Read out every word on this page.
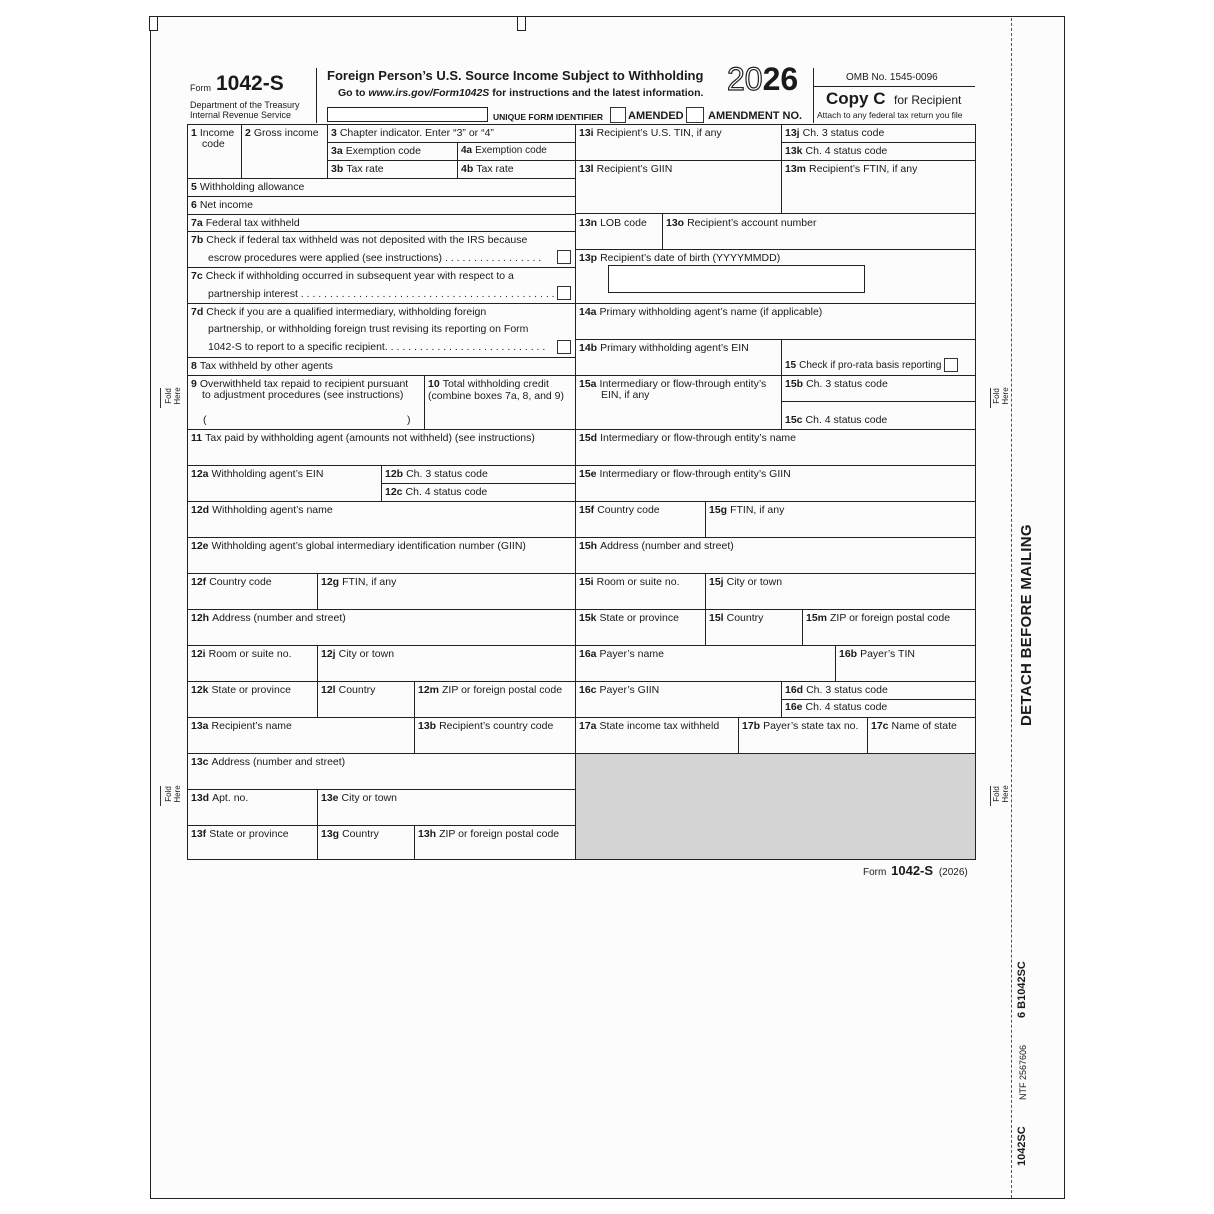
Fold
Here
Fold
Here
Fold
Here
Fold
Here
Form 1042-S
Department of the Treasury
Internal Revenue Service
Foreign Person’s U.S. Source Income Subject to Withholding
Go to www.irs.gov/Form1042S for instructions and the latest information. 2026	OMB No. 1545-0096
Copy C for Recipient
Attach to any federal tax return you file
UNIQUE FORM IDENTIFIER AMENDED AMENDMENT NO.
1 Income
code
2 Gross income 3 Chapter indicator. Enter “3” or “4”
3a Exemption code	4a Exemption code
3b Tax rate	4b Tax rate
5 Withholding allowance
6 Net income
7a Federal tax withheld
7b Check if federal tax withheld was not deposited with the IRS because
escrow procedures were applied (see instructions) . . . . . . . . . . . . . . . . .
7c Check if withholding occurred in subsequent year with respect to a
partnership interest . . . . . . . . . . . . . . . . . . . . . . . . . . . . . . . . . . . . . . . . . . . .
7d Check if you are a qualified intermediary, withholding foreign
partnership, or withholding foreign trust revising its reporting on Form
1042-S to report to a specific recipient. . . . . . . . . . . . . . . . . . . . . . . . . . . .
8 Tax withheld by other agents
9 Overwithheld tax repaid to recipient pursuant
to adjustment procedures (see instructions)
(	)
10 Total withholding credit
(combine boxes 7a, 8, and 9)
11 Tax paid by withholding agent (amounts not withheld) (see instructions)
12a Withholding agent’s EIN	12b Ch. 3 status code
12c Ch. 4 status code
12d Withholding agent’s name
12e Withholding agent’s global intermediary identification number (GIIN)
12f Country code	12g FTIN, if any
12h Address (number and street)
12i Room or suite no.	12j City or town
12k State or province	12l Country	12m ZIP or foreign postal code
13a Recipient’s name	13b Recipient’s country code
13c Address (number and street)
13d Apt. no.	13e City or town
13f State or province	13g Country	13h ZIP or foreign postal code
13i Recipient’s U.S. TIN, if any	13j Ch. 3 status code
13k Ch. 4 status code
13l Recipient’s GIIN	13m Recipient’s FTIN, if any
13n LOB code 13o Recipient’s account number
13p Recipient’s date of birth (YYYYMMDD)
14a Primary withholding agent’s name (if applicable)
14b Primary withholding agent’s EIN
15 Check if pro-rata basis reporting
15a Intermediary or flow-through entity’s
EIN, if any
15b Ch. 3 status code
15c Ch. 4 status code
15d Intermediary or flow-through entity’s name
15e Intermediary or flow-through entity’s GIIN
15f Country code	15g FTIN, if any
15h Address (number and street)
15i Room or suite no.	15j City or town
15k State or province	15l Country	15m ZIP or foreign postal code
16a Payer’s name	16b Payer’s TIN
16c Payer’s GIIN	16d Ch. 3 status code
16e Ch. 4 status code
17a State income tax withheld 17b Payer’s state tax no. 17c Name of state
Form 1042-S (2026)
DETACH BEFORE MAILING
6 B1042SC
NTF 2567606
1042SC
